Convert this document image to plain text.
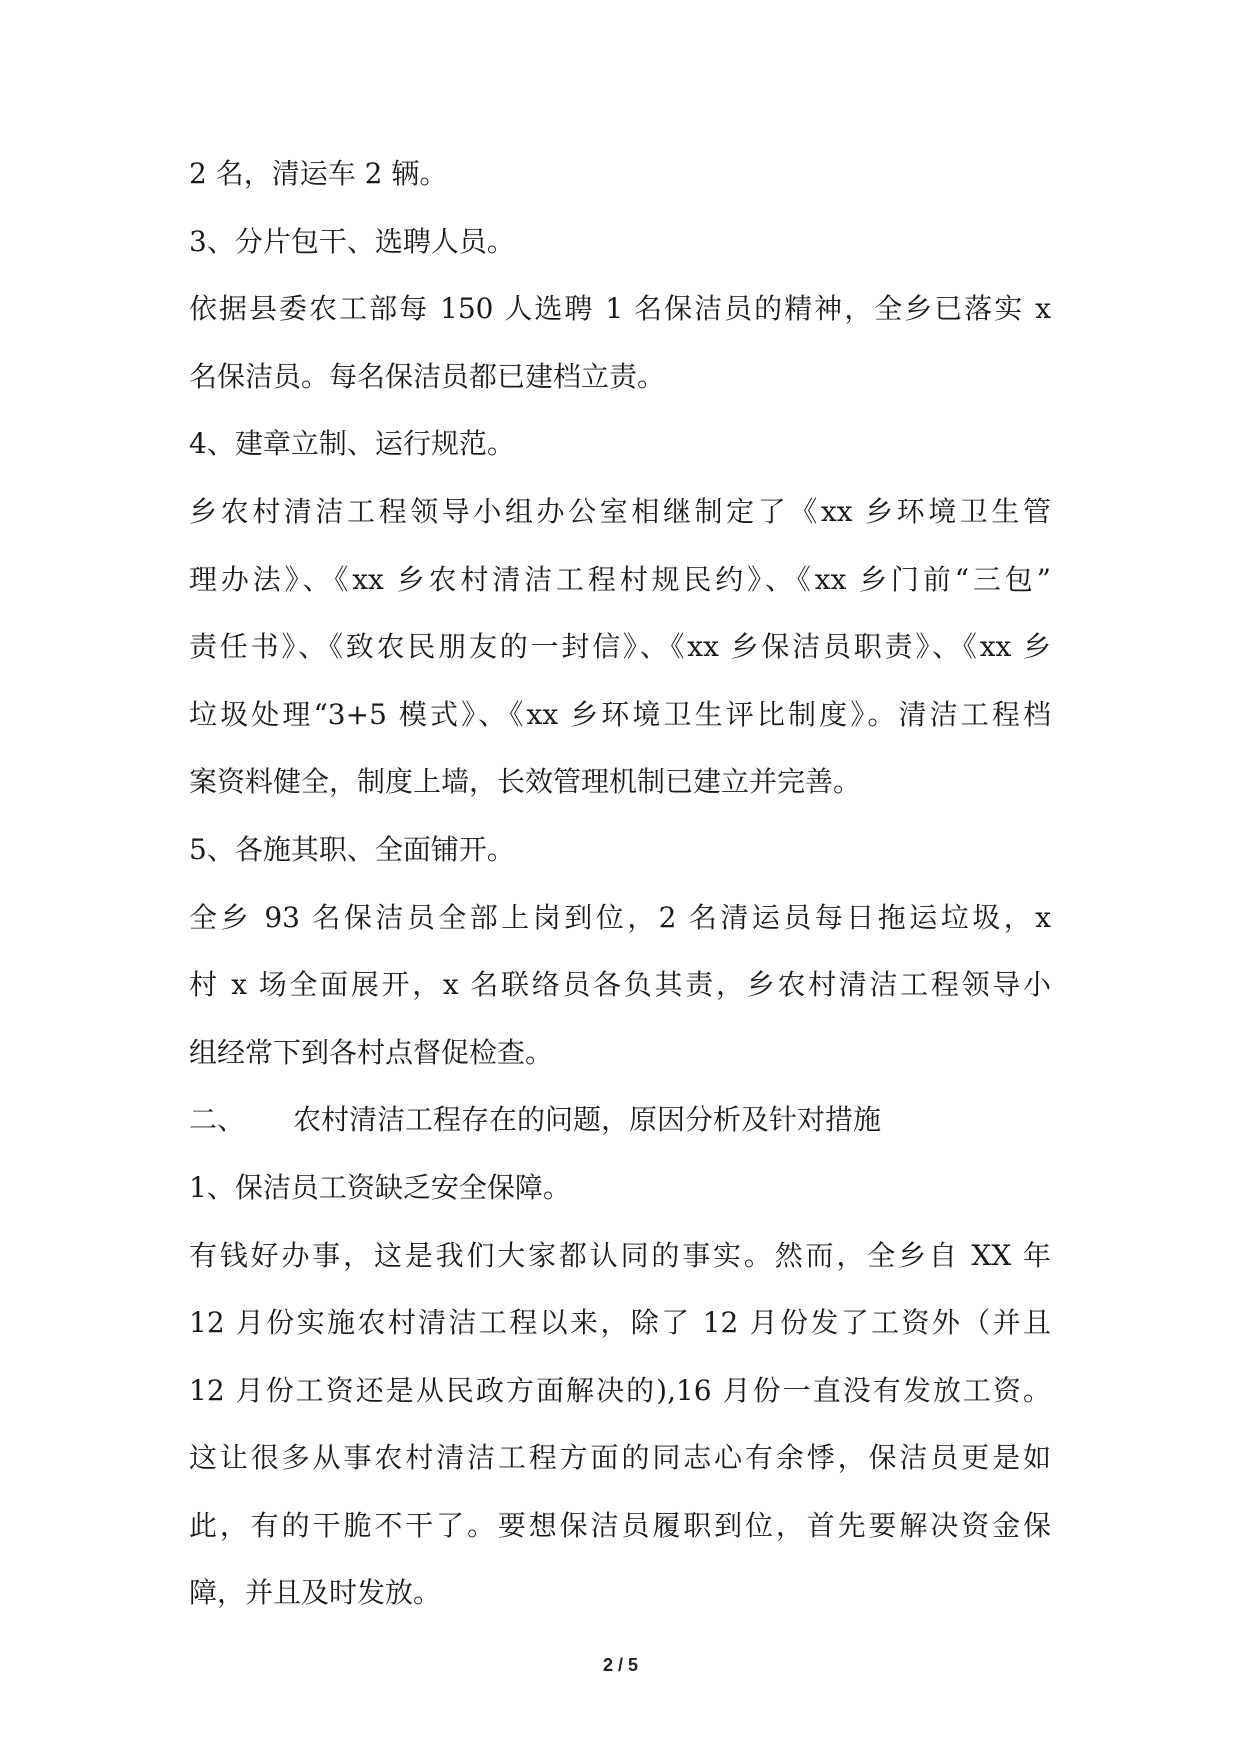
2 名，清运车 2 辆。
3、分片包干、选聘人员。
依据县委农工部每 150 人选聘 1 名保洁员的精神，全乡已落实 x
名保洁员。每名保洁员都已建档立责。
4、建章立制、运行规范。
乡农村清洁工程领导小组办公室相继制定了《xx 乡环境卫生管
理办法》、《xx 乡农村清洁工程村规民约》、《xx 乡门前“三包”
责任书》、《致农民朋友的一封信》、《xx 乡保洁员职责》、《xx 乡
垃圾处理“3+5 模式》、《xx 乡环境卫生评比制度》。清洁工程档
案资料健全，制度上墙，长效管理机制已建立并完善。
5、各施其职、全面铺开。
全乡 93 名保洁员全部上岗到位，2 名清运员每日拖运垃圾，x
村 x 场全面展开，x 名联络员各负其责，乡农村清洁工程领导小
组经常下到各村点督促检查。
二、 农村清洁工程存在的问题，原因分析及针对措施
1、保洁员工资缺乏安全保障。
有钱好办事，这是我们大家都认同的事实。然而，全乡自 XX 年
12 月份实施农村清洁工程以来，除了 12 月份发了工资外（并且
12 月份工资还是从民政方面解决的),16 月份一直没有发放工资。
这让很多从事农村清洁工程方面的同志心有余悸，保洁员更是如
此，有的干脆不干了。要想保洁员履职到位，首先要解决资金保
障，并且及时发放。
2 / 5
